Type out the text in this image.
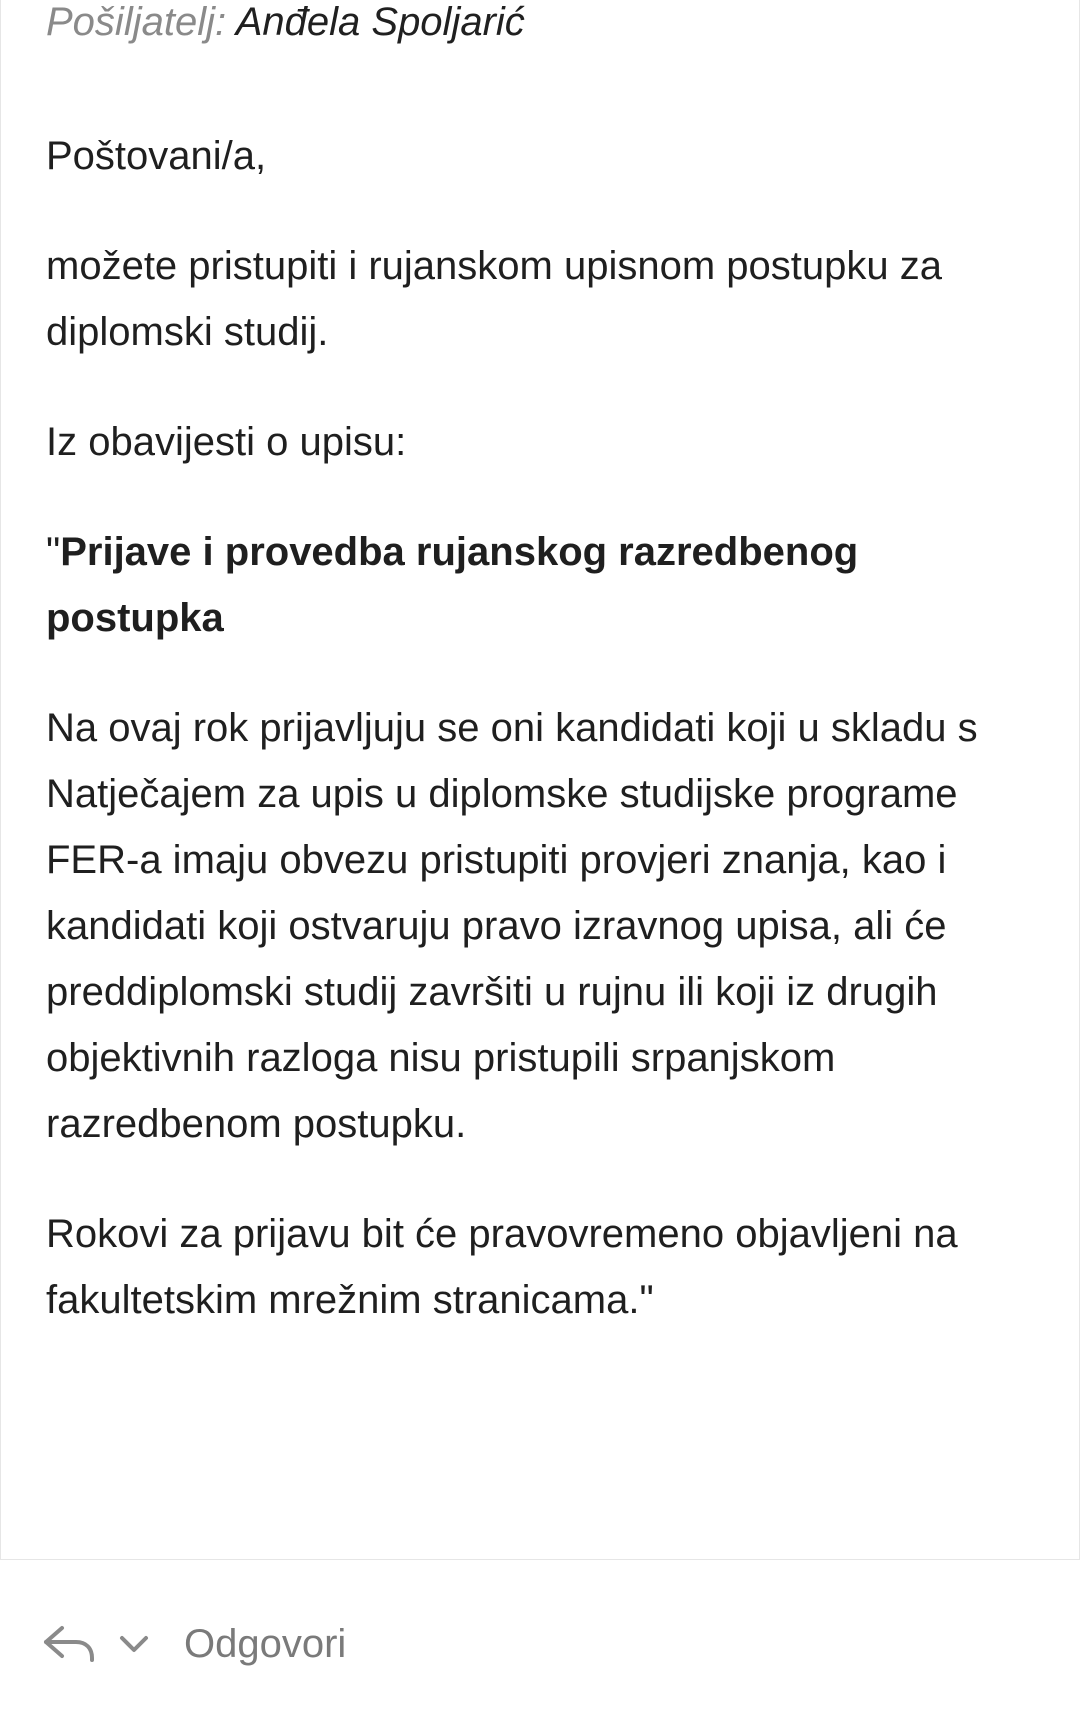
Pošiljatelj: Anđela Spoljarić

Poštovani/a,

možete pristupiti i rujanskom upisnom postupku za diplomski studij.

Iz obavijesti o upisu:

"Prijave i provedba rujanskog razredbenog postupka

Na ovaj rok prijavljuju se oni kandidati koji u skladu s Natječajem za upis u diplomske studijske programe FER-a imaju obvezu pristupiti provjeri znanja, kao i kandidati koji ostvaruju pravo izravnog upisa, ali će preddiplomski studij završiti u rujnu ili koji iz drugih objektivnih razloga nisu pristupili srpanjskom razredbenom postupku.

Rokovi za prijavu bit će pravovremeno objavljeni na fakultetskim mrežnim stranicama."

Odgovori
